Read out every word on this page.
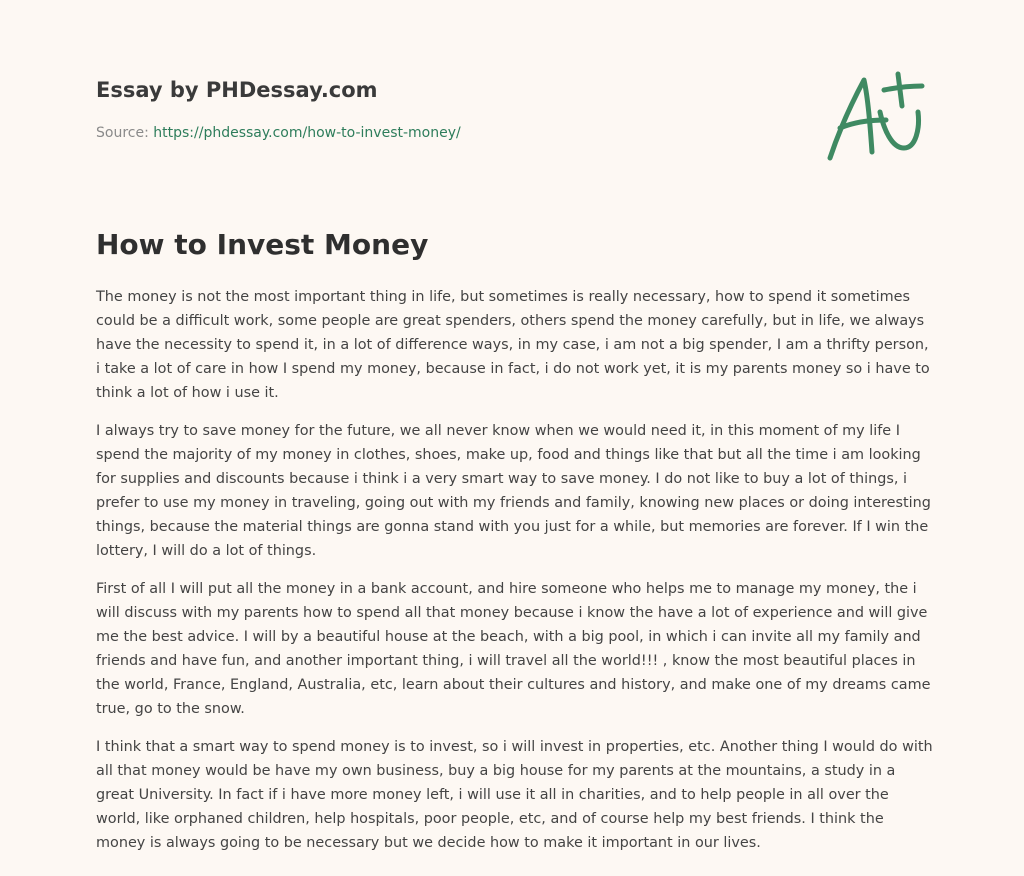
Essay by PHDessay.com
Source: https://phdessay.com/how-to-invest-money/
How to Invest Money

The money is not the most important thing in life, but sometimes is really necessary, how to spend it sometimes could be a difficult work, some people are great spenders, others spend the money carefully, but in life, we always have the necessity to spend it, in a lot of difference ways, in my case, i am not a big spender, I am a thrifty person, i take a lot of care in how I spend my money, because in fact, i do not work yet, it is my parents money so i have to think a lot of how i use it.

I always try to save money for the future, we all never know when we would need it, in this moment of my life I spend the majority of my money in clothes, shoes, make up, food and things like that but all the time i am looking for supplies and discounts because i think i a very smart way to save money. I do not like to buy a lot of things, i prefer to use my money in traveling, going out with my friends and family, knowing new places or doing interesting things, because the material things are gonna stand with you just for a while, but memories are forever. If I win the lottery, I will do a lot of things.

First of all I will put all the money in a bank account, and hire someone who helps me to manage my money, the i will discuss with my parents how to spend all that money because i know the have a lot of experience and will give me the best advice. I will by a beautiful house at the beach, with a big pool, in which i can invite all my family and friends and have fun, and another important thing, i will travel all the world!!! , know the most beautiful places in the world, France, England, Australia, etc, learn about their cultures and history, and make one of my dreams came true, go to the snow.

I think that a smart way to spend money is to invest, so i will invest in properties, etc. Another thing I would do with all that money would be have my own business, buy a big house for my parents at the mountains, a study in a great University. In fact if i have more money left, i will use it all in charities, and to help people in all over the world, like orphaned children, help hospitals, poor people, etc, and of course help my best friends. I think the money is always going to be necessary but we decide how to make it important in our lives.
